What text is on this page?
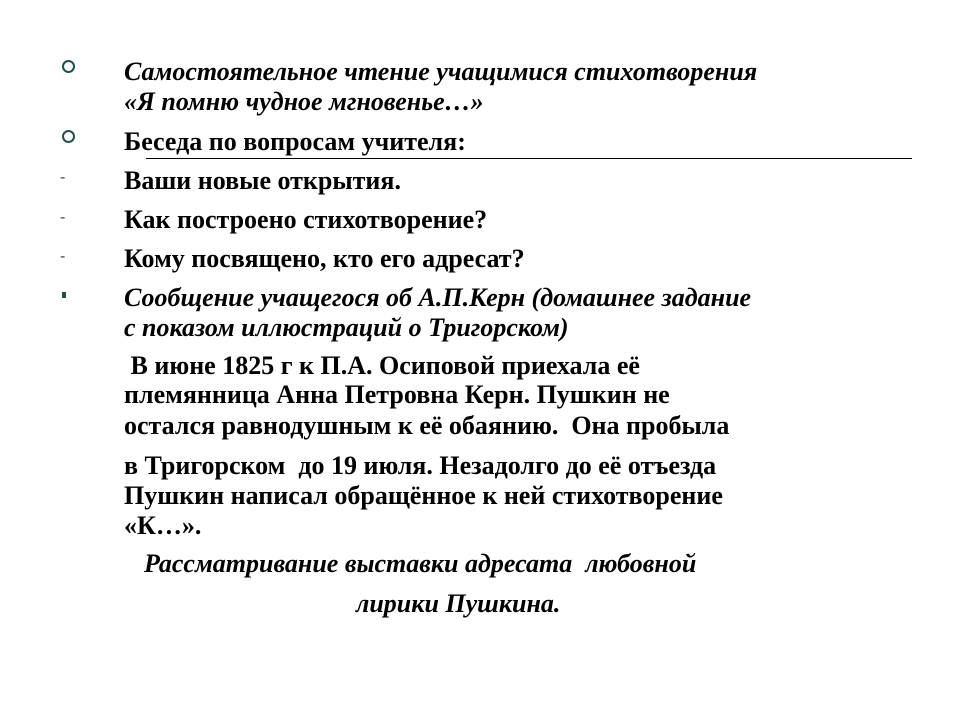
Самостоятельное чтение учащимися стихотворения
«Я помню чудное мгновенье…»
Беседа по вопросам учителя:
- Ваши новые открытия.
- Как построено стихотворение?
- Кому посвящено, кто его адресат?
Сообщение учащегося об А.П.Керн (домашнее задание
с показом иллюстраций о Тригорском)
В июне 1825 г к П.А. Осиповой приехала её
племянница Анна Петровна Керн. Пушкин не
остался равнодушным к её обаянию.  Она пробыла
в Тригорском  до 19 июля. Незадолго до её отъезда
Пушкин написал обращённое к ней стихотворение
«К…».
Рассматривание выставки адресата  любовной
лирики Пушкина.
